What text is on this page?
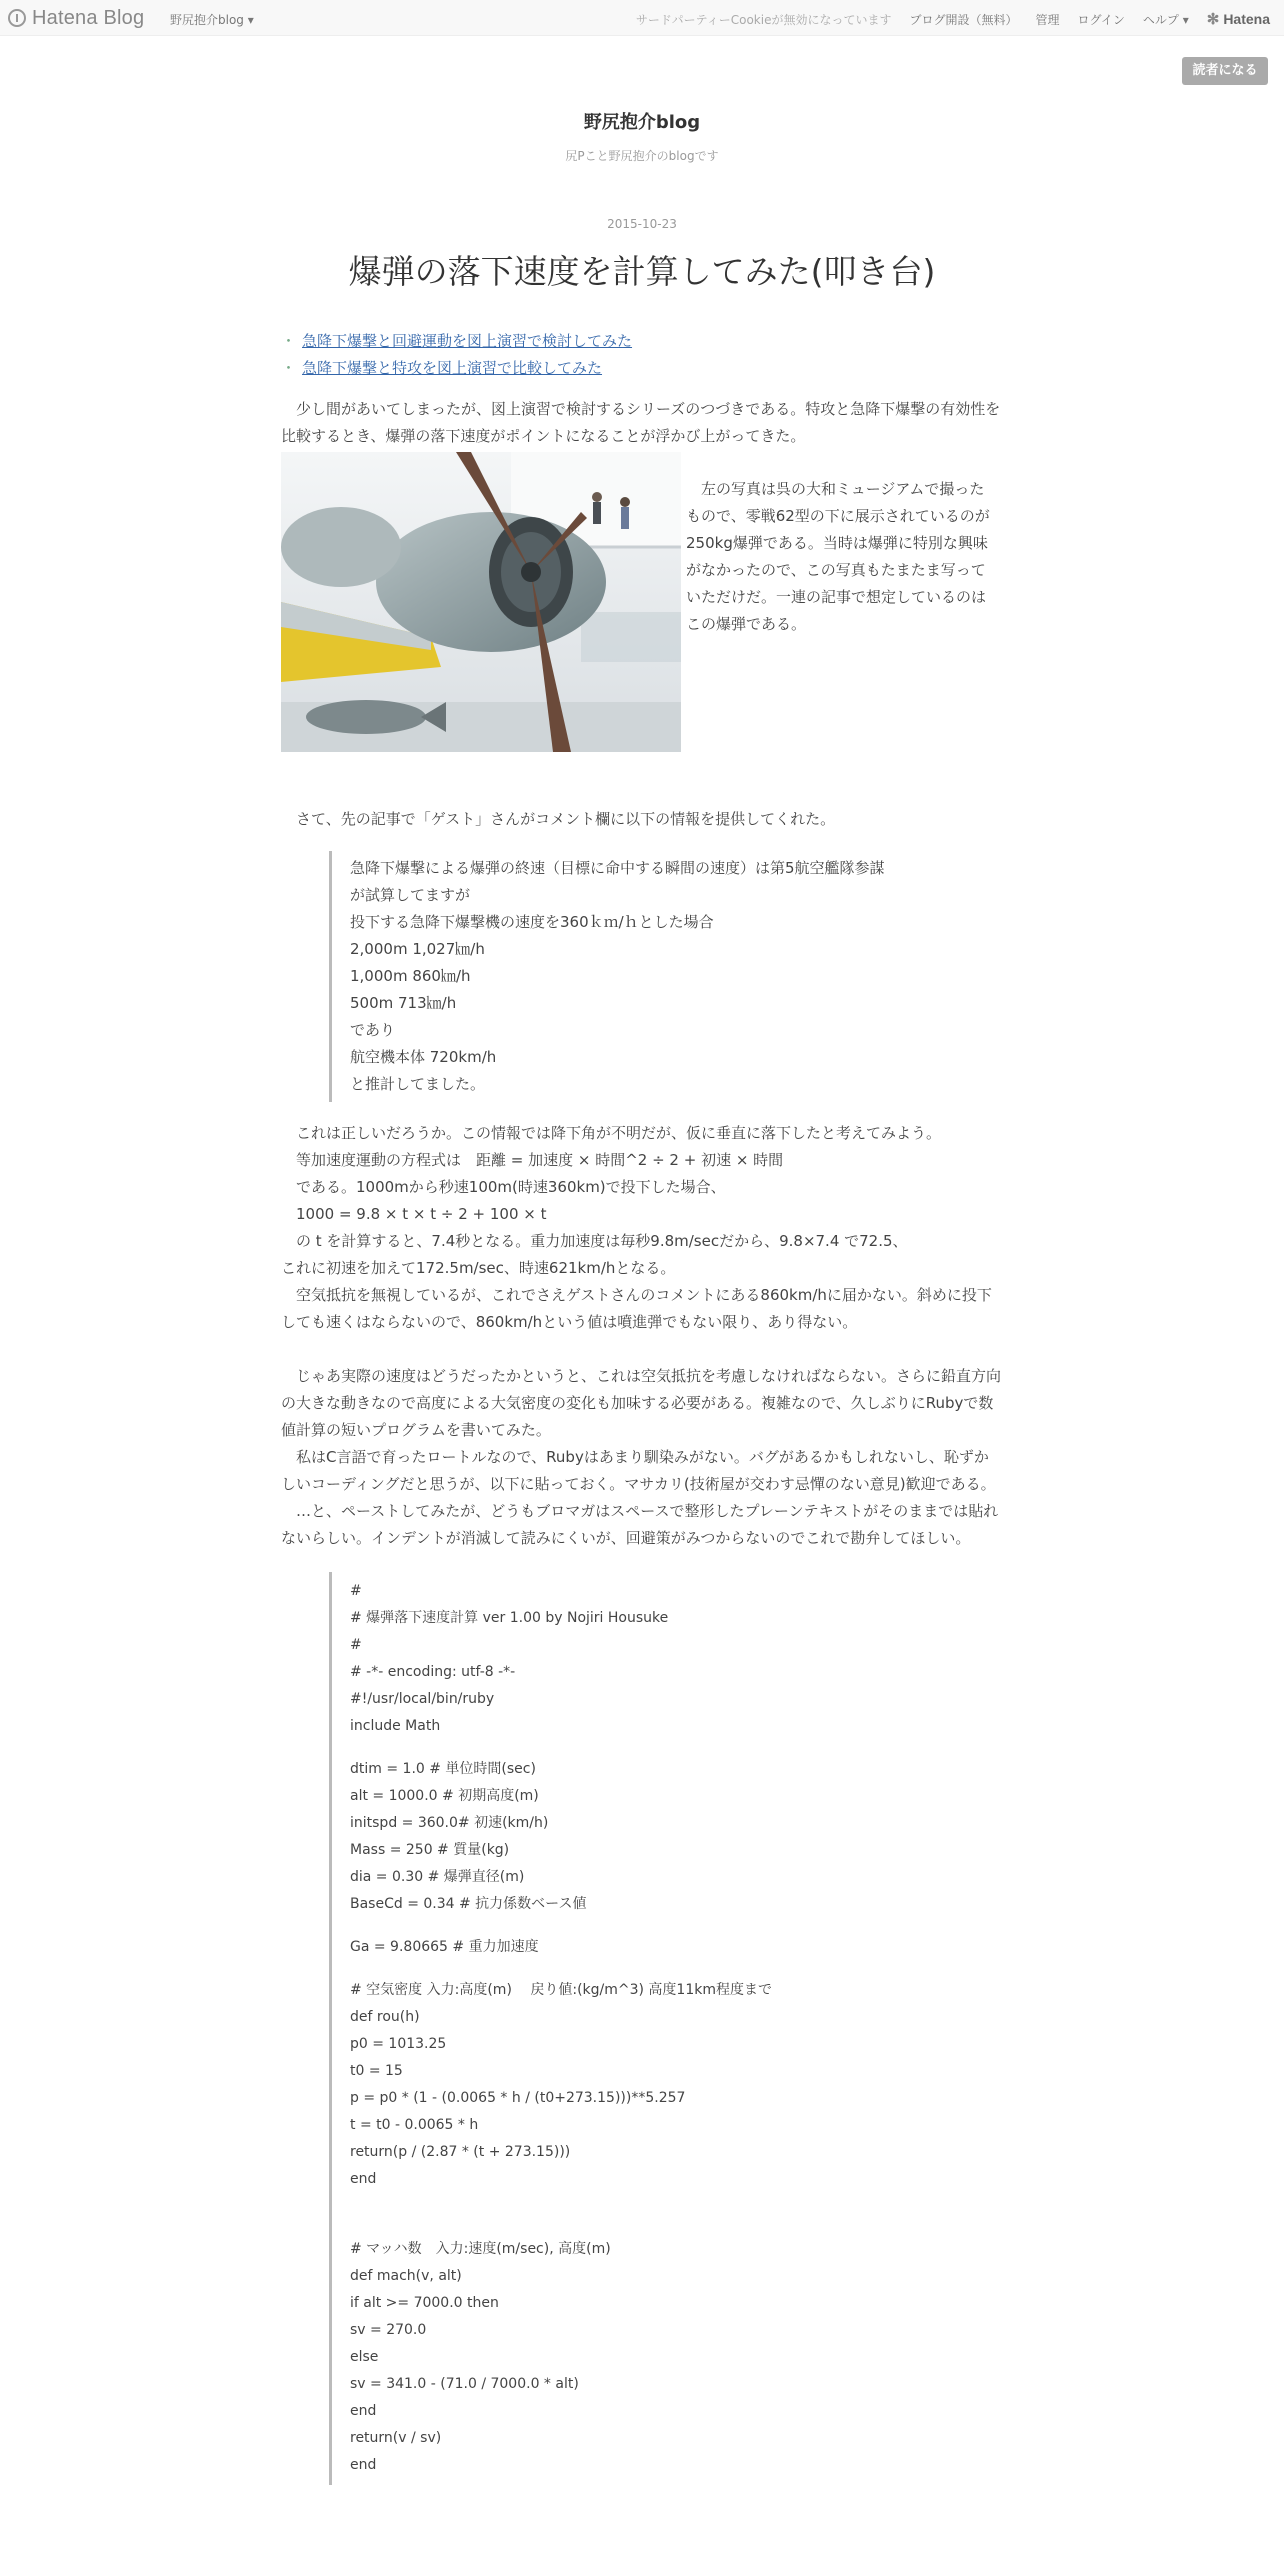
Hatena Blog 野尻抱介blog ▾	サードパーティーCookieが無効になっています ブログ開設（無料） 管理 ログイン ヘルプ ▾ ✻ Hatena
読者になる
野尻抱介blog
尻Pこと野尻抱介のblogです
2015-10-23
爆弾の落下速度を計算してみた(叩き台)
・ 急降下爆撃と回避運動を図上演習で検討してみた
・ 急降下爆撃と特攻を図上演習で比較してみた

　少し間があいてしまったが、図上演習で検討するシリーズのつづきである。特攻と急降下爆撃の有効性を比較するとき、爆弾の落下速度がポイントになることが浮かび上がってきた。

左の写真は呉の大和ミュージアムで撮ったもので、零戦62型の下に展示されているのが250kg爆弾である。当時は爆弾に特別な興味がなかったので、この写真もたまたま写っていただけだ。一連の記事で想定しているのはこの爆弾である。

　さて、先の記事で「ゲスト」さんがコメント欄に以下の情報を提供してくれた。

急降下爆撃による爆弾の終速（目標に命中する瞬間の速度）は第5航空艦隊参謀
が試算してますが
投下する急降下爆撃機の速度を360ｋｍ/ｈとした場合
2,000m 1,027㎞/h
1,000m 860㎞/h
500m 713㎞/h
であり
航空機本体 720km/h
と推計してました。

　これは正しいだろうか。この情報では降下角が不明だが、仮に垂直に落下したと考えてみよう。

　等加速度運動の方程式は　距離 = 加速度 × 時間^2 ÷ 2 + 初速 × 時間

　である。1000mから秒速100m(時速360km)で投下した場合、

　1000 = 9.8 × t × t ÷ 2 + 100 × t

　の t を計算すると、7.4秒となる。重力加速度は毎秒9.8m/secだから、9.8×7.4 で72.5、

これに初速を加えて172.5m/sec、時速621km/hとなる。

　空気抵抗を無視しているが、これでさえゲストさんのコメントにある860km/hに届かない。斜めに投下しても速くはならないので、860km/hという値は噴進弾でもない限り、あり得ない。

　じゃあ実際の速度はどうだったかというと、これは空気抵抗を考慮しなければならない。さらに鉛直方向の大きな動きなので高度による大気密度の変化も加味する必要がある。複雑なので、久しぶりにRubyで数値計算の短いプログラムを書いてみた。

　私はC言語で育ったロートルなので、Rubyはあまり馴染みがない。バグがあるかもしれないし、恥ずかしいコーディングだと思うが、以下に貼っておく。マサカリ(技術屋が交わす忌憚のない意見)歓迎である。

　…と、ペーストしてみたが、どうもブロマガはスペースで整形したプレーンテキストがそのままでは貼れないらしい。インデントが消滅して読みにくいが、回避策がみつからないのでこれで勘弁してほしい。

#
# 爆弾落下速度計算 ver 1.00 by Nojiri Housuke
#
# -*- encoding: utf-8 -*-
#!/usr/local/bin/ruby
include Math
dtim = 1.0 # 単位時間(sec)
alt = 1000.0 # 初期高度(m)
initspd = 360.0# 初速(km/h)
Mass = 250 # 質量(kg)
dia = 0.30 # 爆弾直径(m)
BaseCd = 0.34 # 抗力係数ベース値
Ga = 9.80665 # 重力加速度
# 空気密度 入力:高度(m)　 戻り値:(kg/m^3) 高度11km程度まで
def rou(h)
p0 = 1013.25
t0 = 15
p = p0 * (1 - (0.0065 * h / (t0+273.15)))**5.257
t = t0 - 0.0065 * h
return(p / (2.87 * (t + 273.15)))
end
# マッハ数　入力:速度(m/sec), 高度(m)
def mach(v, alt)
if alt >= 7000.0 then
sv = 270.0
else
sv = 341.0 - (71.0 / 7000.0 * alt)
end
return(v / sv)
end
